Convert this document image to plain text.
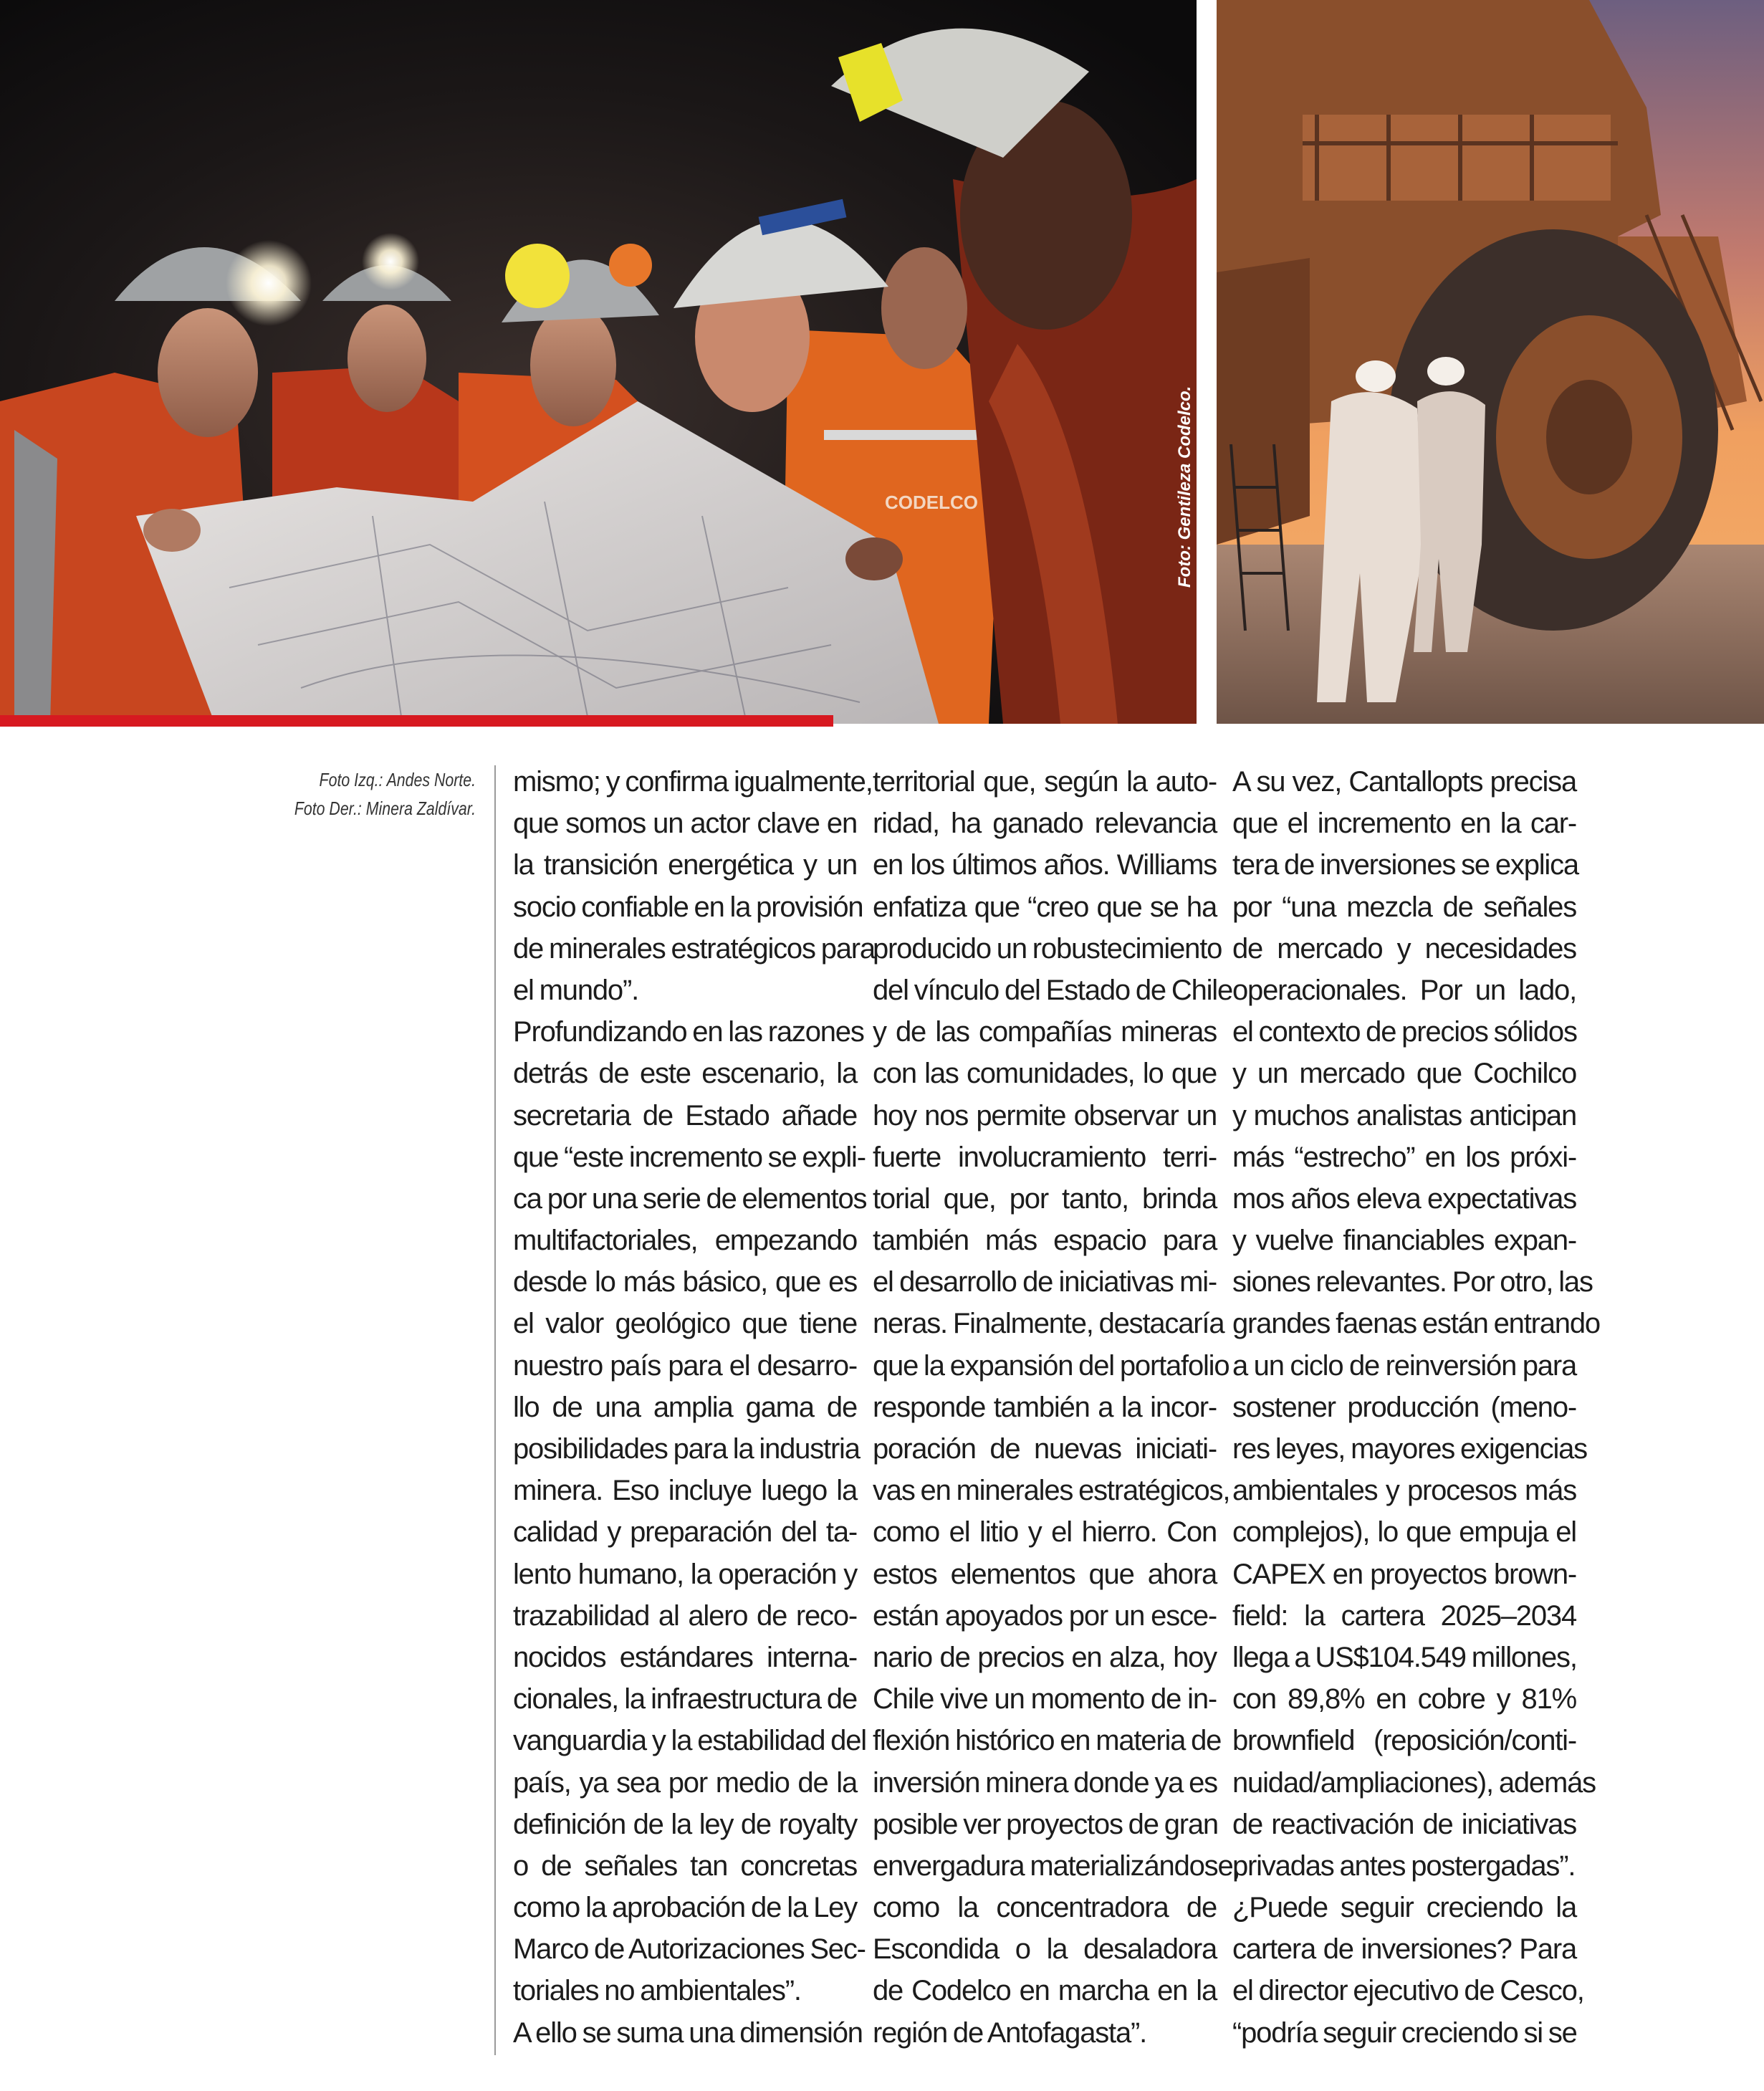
CODELCO	Foto: Gentileza Codelco.
Foto Izq.: Andes Norte.
Foto Der.: Minera Zaldívar.
mismo; y confirma igualmente,
que somos un actor clave en
la transición energética y un
socio confiable en la provisión
de minerales estratégicos para
el mundo”.
Profundizando en las razones
detrás de este escenario, la
secretaria de Estado añade
que “este incremento se expli-
ca por una serie de elementos
multifactoriales, empezando
desde lo más básico, que es
el valor geológico que tiene
nuestro país para el desarro-
llo de una amplia gama de
posibilidades para la industria
minera. Eso incluye luego la
calidad y preparación del ta-
lento humano, la operación y
trazabilidad al alero de reco-
nocidos estándares interna-
cionales, la infraestructura de
vanguardia y la estabilidad del
país, ya sea por medio de la
definición de la ley de royalty
o de señales tan concretas
como la aprobación de la Ley
Marco de Autorizaciones Sec-
toriales no ambientales”.
A ello se suma una dimensión
territorial que, según la auto-
ridad, ha ganado relevancia
en los últimos años. Williams
enfatiza que “creo que se ha
producido un robustecimiento
del vínculo del Estado de Chile
y de las compañías mineras
con las comunidades, lo que
hoy nos permite observar un
fuerte involucramiento terri-
torial que, por tanto, brinda
también más espacio para
el desarrollo de iniciativas mi-
neras. Finalmente, destacaría
que la expansión del portafolio
responde también a la incor-
poración de nuevas iniciati-
vas en minerales estratégicos,
como el litio y el hierro. Con
estos elementos que ahora
están apoyados por un esce-
nario de precios en alza, hoy
Chile vive un momento de in-
flexión histórico en materia de
inversión minera donde ya es
posible ver proyectos de gran
envergadura materializándose,
como la concentradora de
Escondida o la desaladora
de Codelco en marcha en la
región de Antofagasta”.
A su vez, Cantallopts precisa
que el incremento en la car-
tera de inversiones se explica
por “una mezcla de señales
de mercado y necesidades
operacionales. Por un lado,
el contexto de precios sólidos
y un mercado que Cochilco
y muchos analistas anticipan
más “estrecho” en los próxi-
mos años eleva expectativas
y vuelve financiables expan-
siones relevantes. Por otro, las
grandes faenas están entrando
a un ciclo de reinversión para
sostener producción (meno-
res leyes, mayores exigencias
ambientales y procesos más
complejos), lo que empuja el
CAPEX en proyectos brown-
field: la cartera 2025–2034
llega a US$104.549 millones,
con 89,8% en cobre y 81%
brownfield (reposición/conti-
nuidad/ampliaciones), además
de reactivación de iniciativas
privadas antes postergadas”.
¿Puede seguir creciendo la
cartera de inversiones? Para
el director ejecutivo de Cesco,
“podría seguir creciendo si se
